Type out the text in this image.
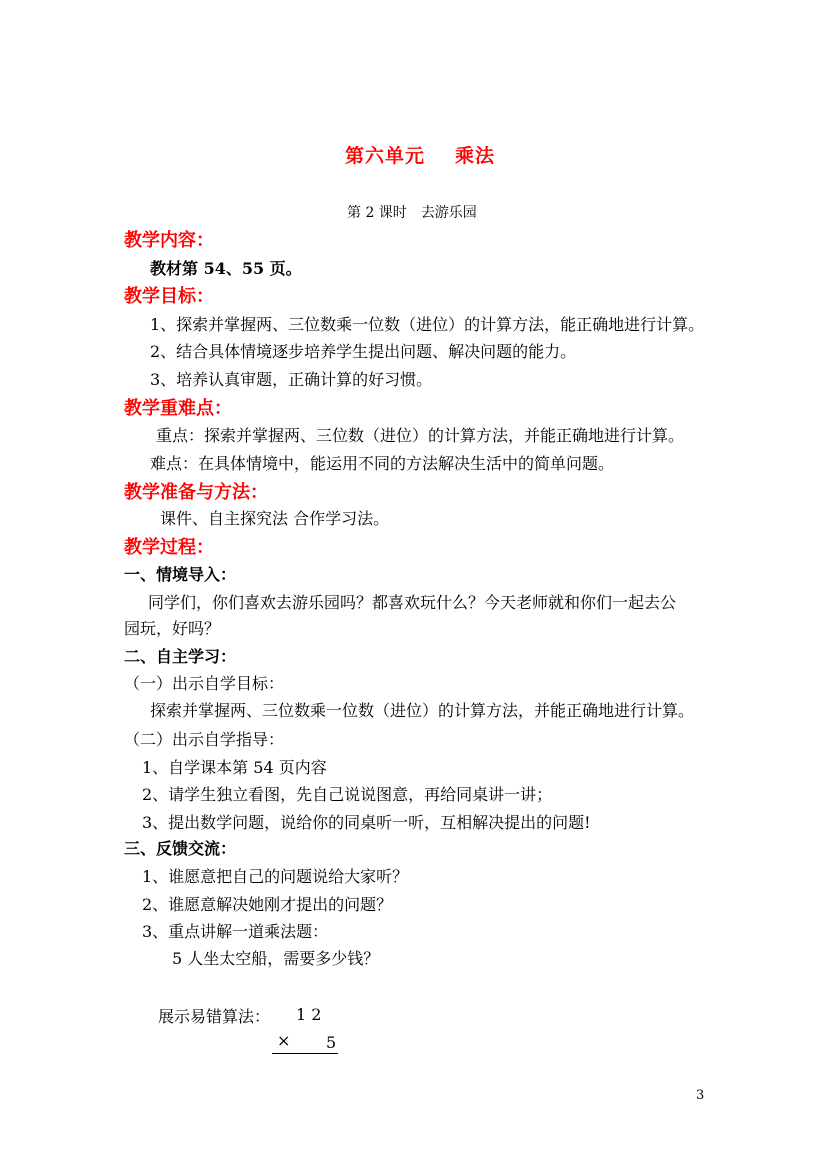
第六单元 乘法
第 2 课时 去游乐园
教学内容：
教材第 54、55 页。
教学目标：
1、探索并掌握两、三位数乘一位数（进位）的计算方法，能正确地进行计算。
2、结合具体情境逐步培养学生提出问题、解决问题的能力。
3、培养认真审题，正确计算的好习惯。
教学重难点：
重点：探索并掌握两、三位数（进位）的计算方法，并能正确地进行计算。
难点：在具体情境中，能运用不同的方法解决生活中的简单问题。
教学准备与方法：
课件、自主探究法 合作学习法。
教学过程：
一、情境导入：
同学们，你们喜欢去游乐园吗？都喜欢玩什么？今天老师就和你们一起去公
园玩，好吗？
二、自主学习：
（一）出示自学目标：
探索并掌握两、三位数乘一位数（进位）的计算方法，并能正确地进行计算。
（二）出示自学指导：
1、自学课本第 54 页内容
2、请学生独立看图，先自己说说图意，再给同桌讲一讲；
3、提出数学问题，说给你的同桌听一听，互相解决提出的问题!
三、反馈交流：
1、谁愿意把自己的问题说给大家听？
2、谁愿意解决她刚才提出的问题？
3、重点讲解一道乘法题：
5 人坐太空船，需要多少钱？
展示易错算法： 1 2
× 5
3
